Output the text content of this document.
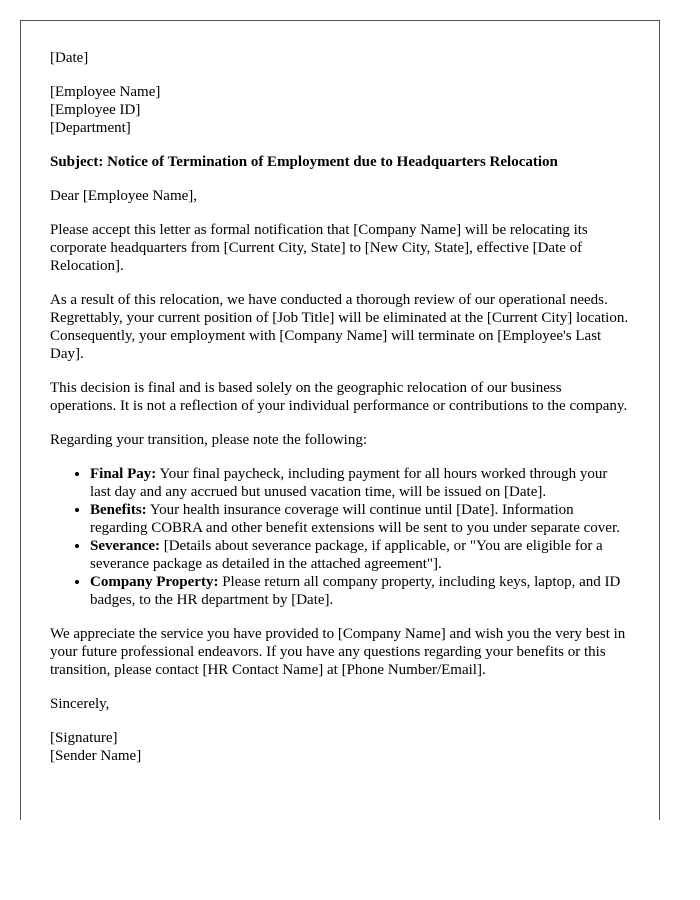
[Date]

[Employee Name]

[Employee ID]

[Department]

Subject: Notice of Termination of Employment due to Headquarters Relocation

Dear [Employee Name],

Please accept this letter as formal notification that [Company Name] will be relocating its corporate headquarters from [Current City, State] to [New City, State], effective [Date of Relocation].

As a result of this relocation, we have conducted a thorough review of our operational needs. Regrettably, your current position of [Job Title] will be eliminated at the [Current City] location. Consequently, your employment with [Company Name] will terminate on [Employee's Last Day].

This decision is final and is based solely on the geographic relocation of our business operations. It is not a reflection of your individual performance or contributions to the company.

Regarding your transition, please note the following:

• Final Pay: Your final paycheck, including payment for all hours worked through your last day and any accrued but unused vacation time, will be issued on [Date].
• Benefits: Your health insurance coverage will continue until [Date]. Information regarding COBRA and other benefit extensions will be sent to you under separate cover.
• Severance: [Details about severance package, if applicable, or "You are eligible for a severance package as detailed in the attached agreement"].
• Company Property: Please return all company property, including keys, laptop, and ID badges, to the HR department by [Date].

We appreciate the service you have provided to [Company Name] and wish you the very best in your future professional endeavors. If you have any questions regarding your benefits or this transition, please contact [HR Contact Name] at [Phone Number/Email].

Sincerely,

[Signature]

[Sender Name]
